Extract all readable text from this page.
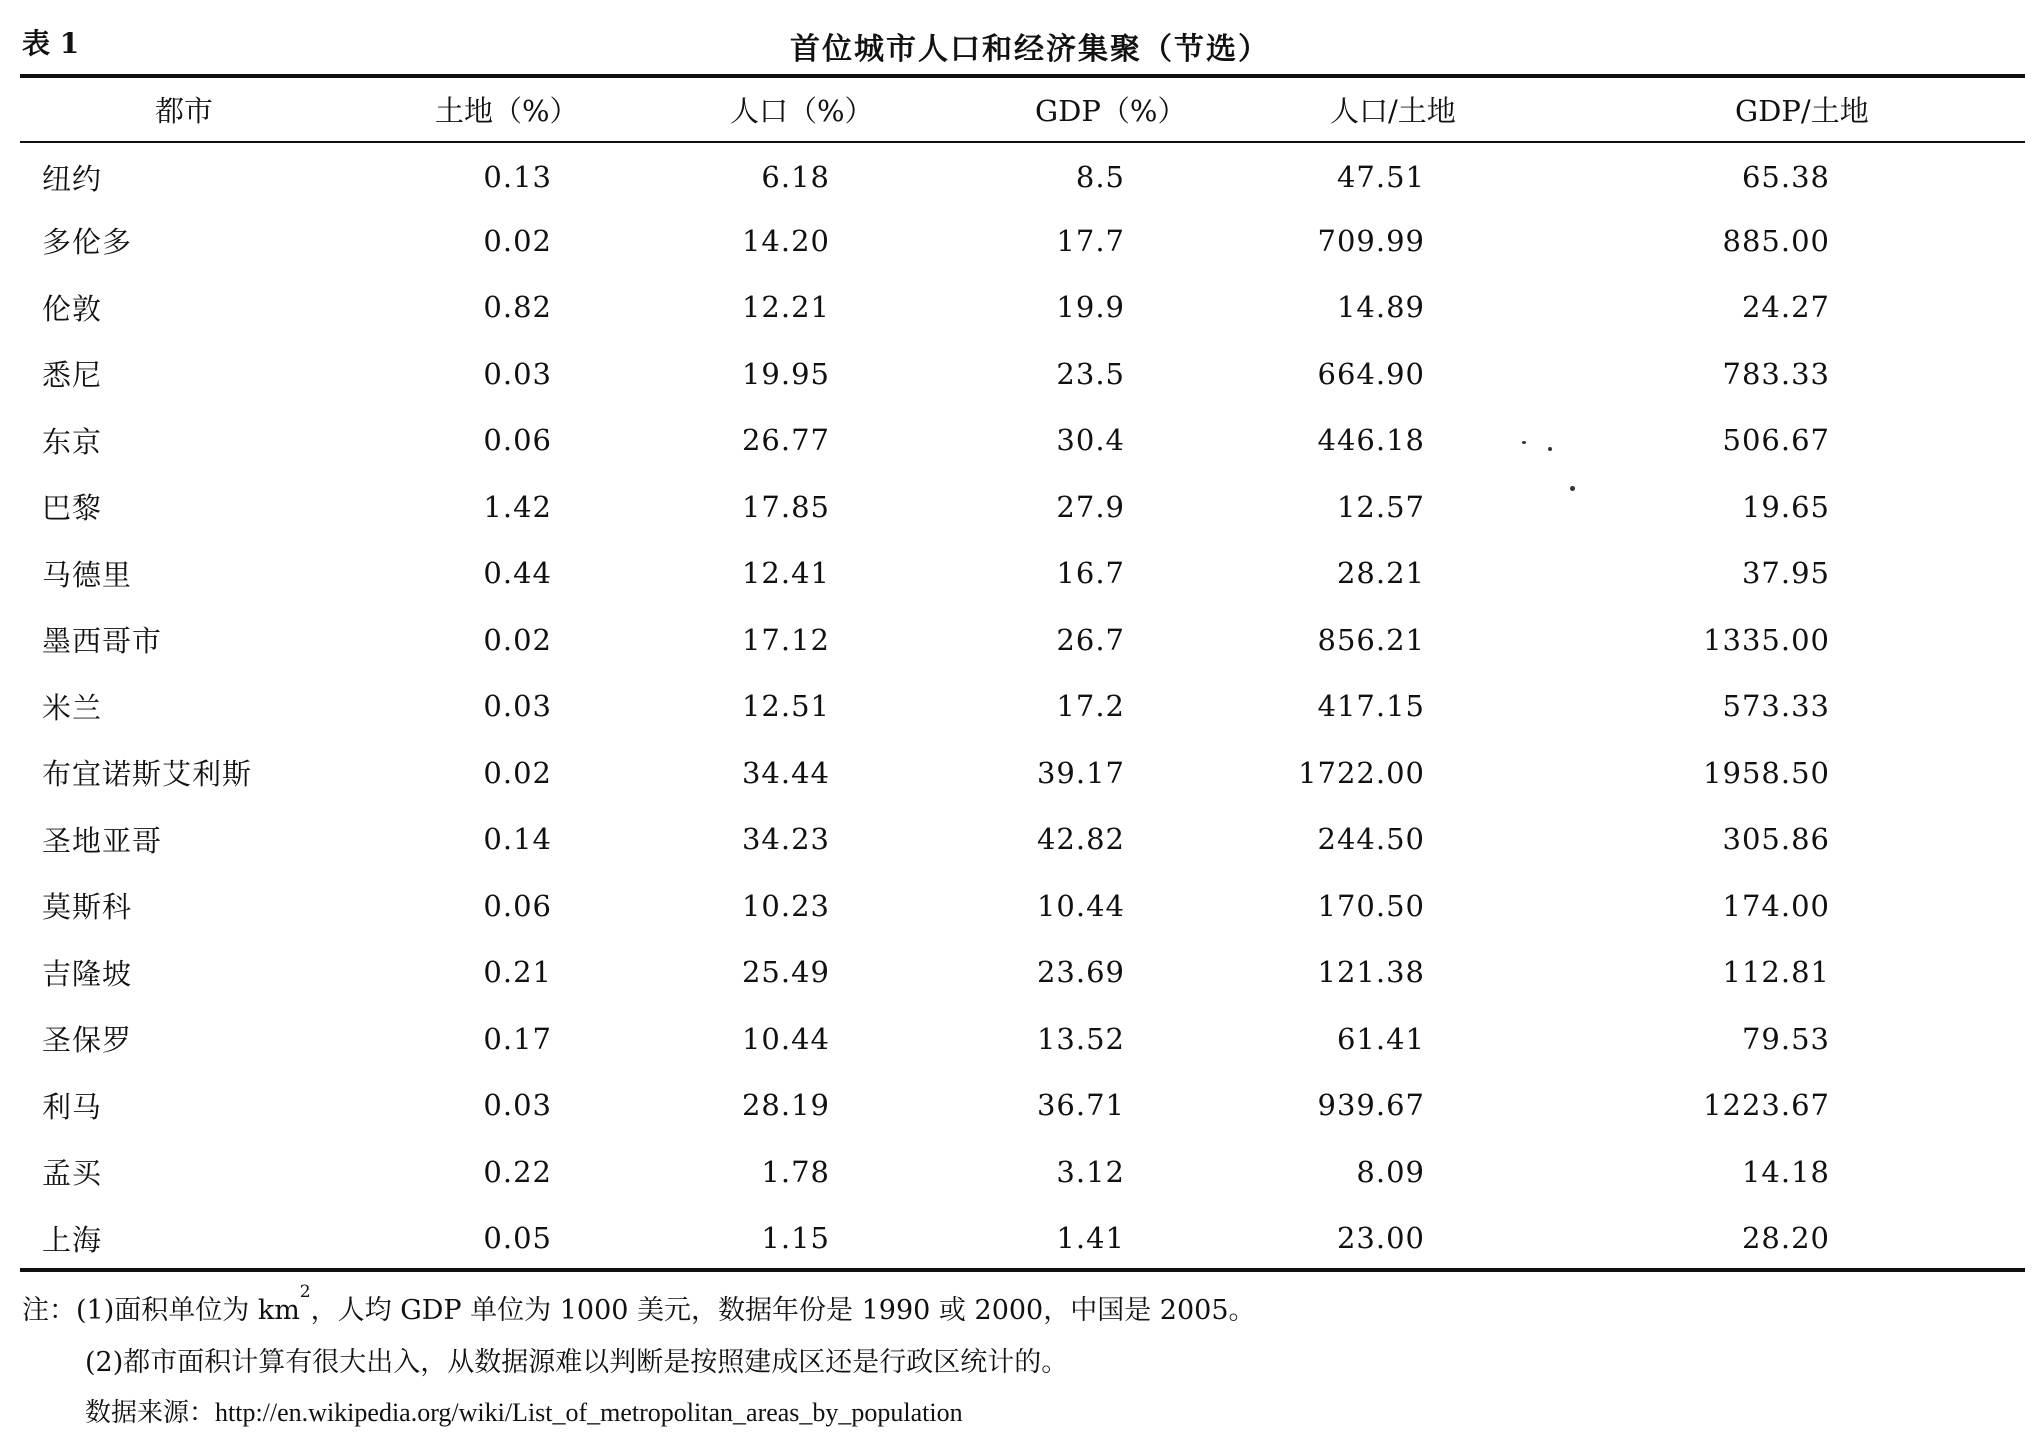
表 1	首位城市人口和经济集聚（节选）
都市	土地（%）	人口（%）	GDP（%）	人口/土地	GDP/土地
纽约	0.13	6.18	8.5	47.51	65.38
多伦多	0.02	14.20	17.7	709.99	885.00
伦敦	0.82	12.21	19.9	14.89	24.27
悉尼	0.03	19.95	23.5	664.90	783.33
东京	0.06	26.77	30.4	446.18	506.67
巴黎	1.42	17.85	27.9	12.57	19.65
马德里	0.44	12.41	16.7	28.21	37.95
墨西哥市	0.02	17.12	26.7	856.21	1335.00
米兰	0.03	12.51	17.2	417.15	573.33
布宜诺斯艾利斯	0.02	34.44	39.17	1722.00	1958.50
圣地亚哥	0.14	34.23	42.82	244.50	305.86
莫斯科	0.06	10.23	10.44	170.50	174.00
吉隆坡	0.21	25.49	23.69	121.38	112.81
圣保罗	0.17	10.44	13.52	61.41	79.53
利马	0.03	28.19	36.71	939.67	1223.67
孟买	0.22	1.78	3.12	8.09	14.18
上海	0.05	1.15	1.41	23.00	28.20
注：(1)面积单位为 $km^2$，人均 GDP 单位为 1000 美元，数据年份是 1990 或 2000，中国是 2005。
(2)都市面积计算有很大出入，从数据源难以判断是按照建成区还是行政区统计的。
数据来源：http://en.wikipedia.org/wiki/List_of_metropolitan_areas_by_population
